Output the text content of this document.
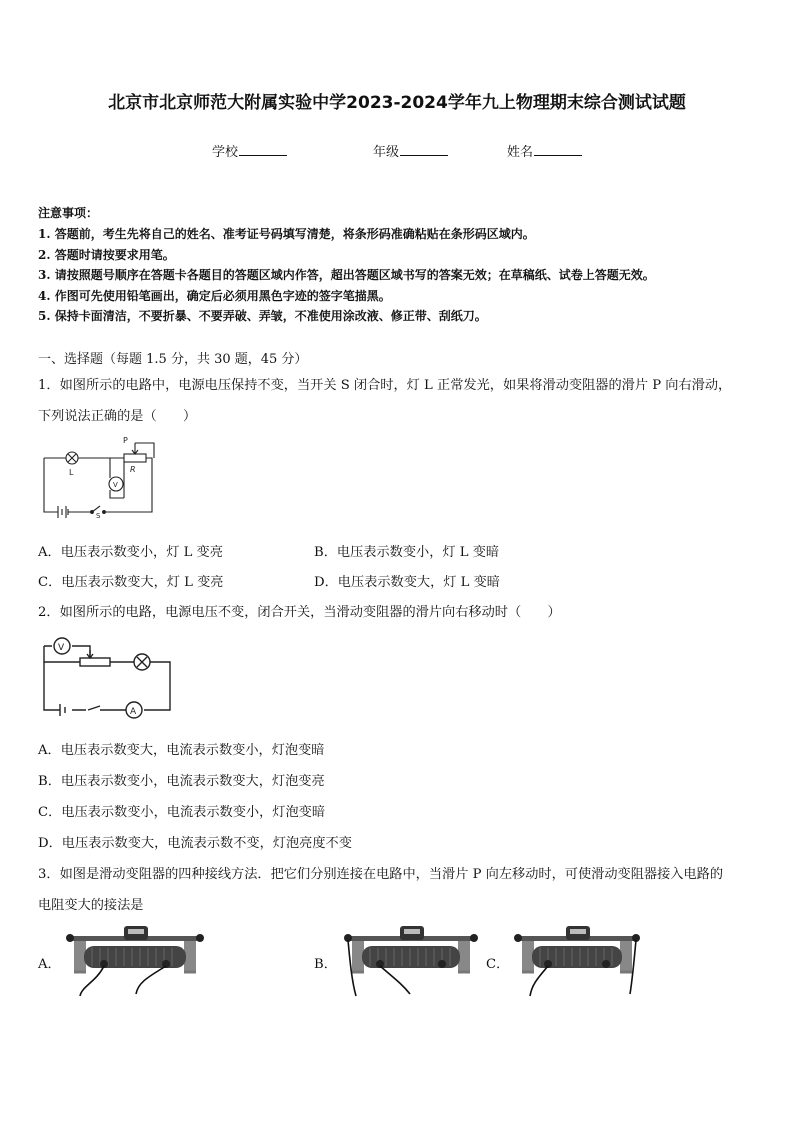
北京市北京师范大附属实验中学2023-2024学年九上物理期末综合测试试题
学校	年级	姓名
注意事项：
1. 答题前，考生先将自己的姓名、准考证号码填写清楚，将条形码准确粘贴在条形码区域内。
2. 答题时请按要求用笔。
3. 请按照题号顺序在答题卡各题目的答题区域内作答，超出答题区域书写的答案无效；在草稿纸、试卷上答题无效。
4. 作图可先使用铅笔画出，确定后必须用黑色字迹的签字笔描黑。
5. 保持卡面清洁，不要折暴、不要弄破、弄皱，不准使用涂改液、修正带、刮纸刀。
一、选择题（每题 1.5 分，共 30 题，45 分）
1．如图所示的电路中，电源电压保持不变，当开关 S 闭合时，灯 L 正常发光，如果将滑动变阻器的滑片 P 向右滑动，
下列说法正确的是（　　）
P
R
L
V
S
A．电压表示数变小，灯 L 变亮	B．电压表示数变小，灯 L 变暗
C．电压表示数变大，灯 L 变亮	D．电压表示数变大，灯 L 变暗
2．如图所示的电路，电源电压不变，闭合开关，当滑动变阻器的滑片向右移动时（　　）
V
A
A．电压表示数变大，电流表示数变小，灯泡变暗
B．电压表示数变小，电流表示数变大，灯泡变亮
C．电压表示数变小，电流表示数变小，灯泡变暗
D．电压表示数变大，电流表示数不变，灯泡亮度不变
3．如图是滑动变阻器的四种接线方法．把它们分别连接在电路中，当滑片 P 向左移动时，可使滑动变阻器接入电路的
电阻变大的接法是
A．	B．	C．
